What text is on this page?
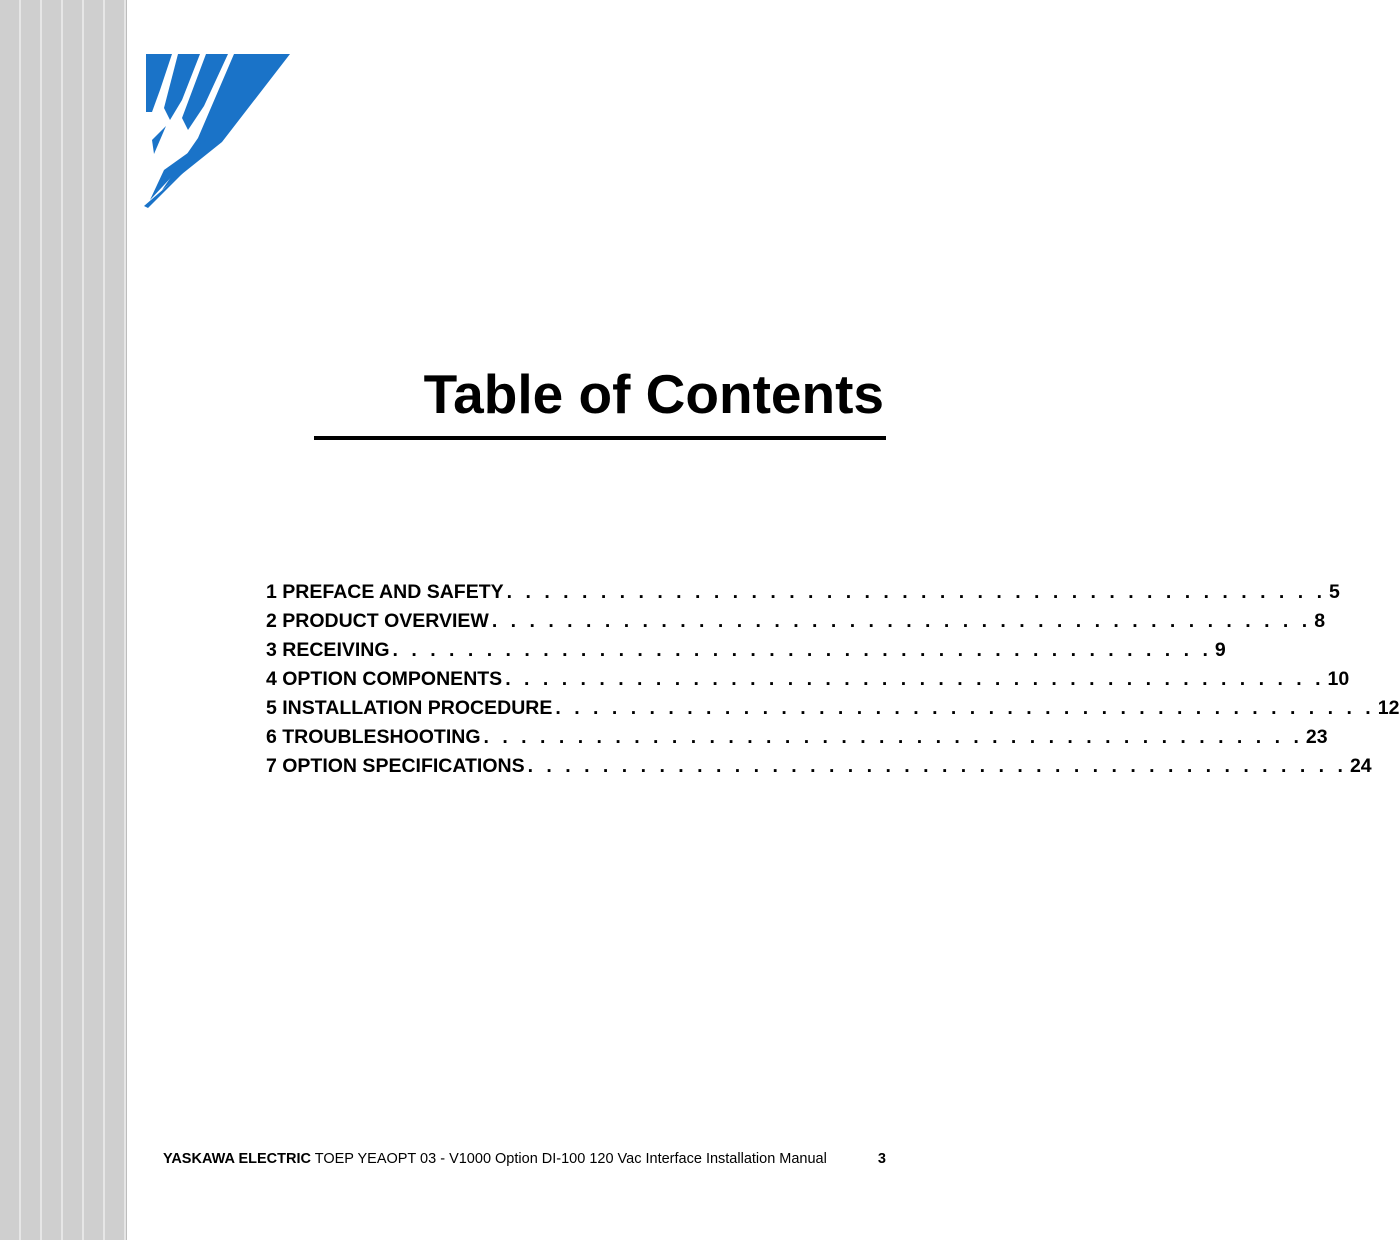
Table of Contents
1 PREFACE AND SAFETY . . . . . . . . . . . . . . . . . . . . . . . . . . . . . . . . . . . . . . . . . . . . 5
2 PRODUCT OVERVIEW . . . . . . . . . . . . . . . . . . . . . . . . . . . . . . . . . . . . . . . . . . . . 8
3 RECEIVING . . . . . . . . . . . . . . . . . . . . . . . . . . . . . . . . . . . . . . . . . . . . 9
4 OPTION COMPONENTS . . . . . . . . . . . . . . . . . . . . . . . . . . . . . . . . . . . . . . . . . . . . 10
5 INSTALLATION PROCEDURE . . . . . . . . . . . . . . . . . . . . . . . . . . . . . . . . . . . . . . . . . . . . 12
6 TROUBLESHOOTING . . . . . . . . . . . . . . . . . . . . . . . . . . . . . . . . . . . . . . . . . . . . 23
7 OPTION SPECIFICATIONS . . . . . . . . . . . . . . . . . . . . . . . . . . . . . . . . . . . . . . . . . . . . 24
YASKAWA ELECTRIC TOEP YEAOPT 03 - V1000 Option DI-100 120 Vac Interface Installation Manual	3
